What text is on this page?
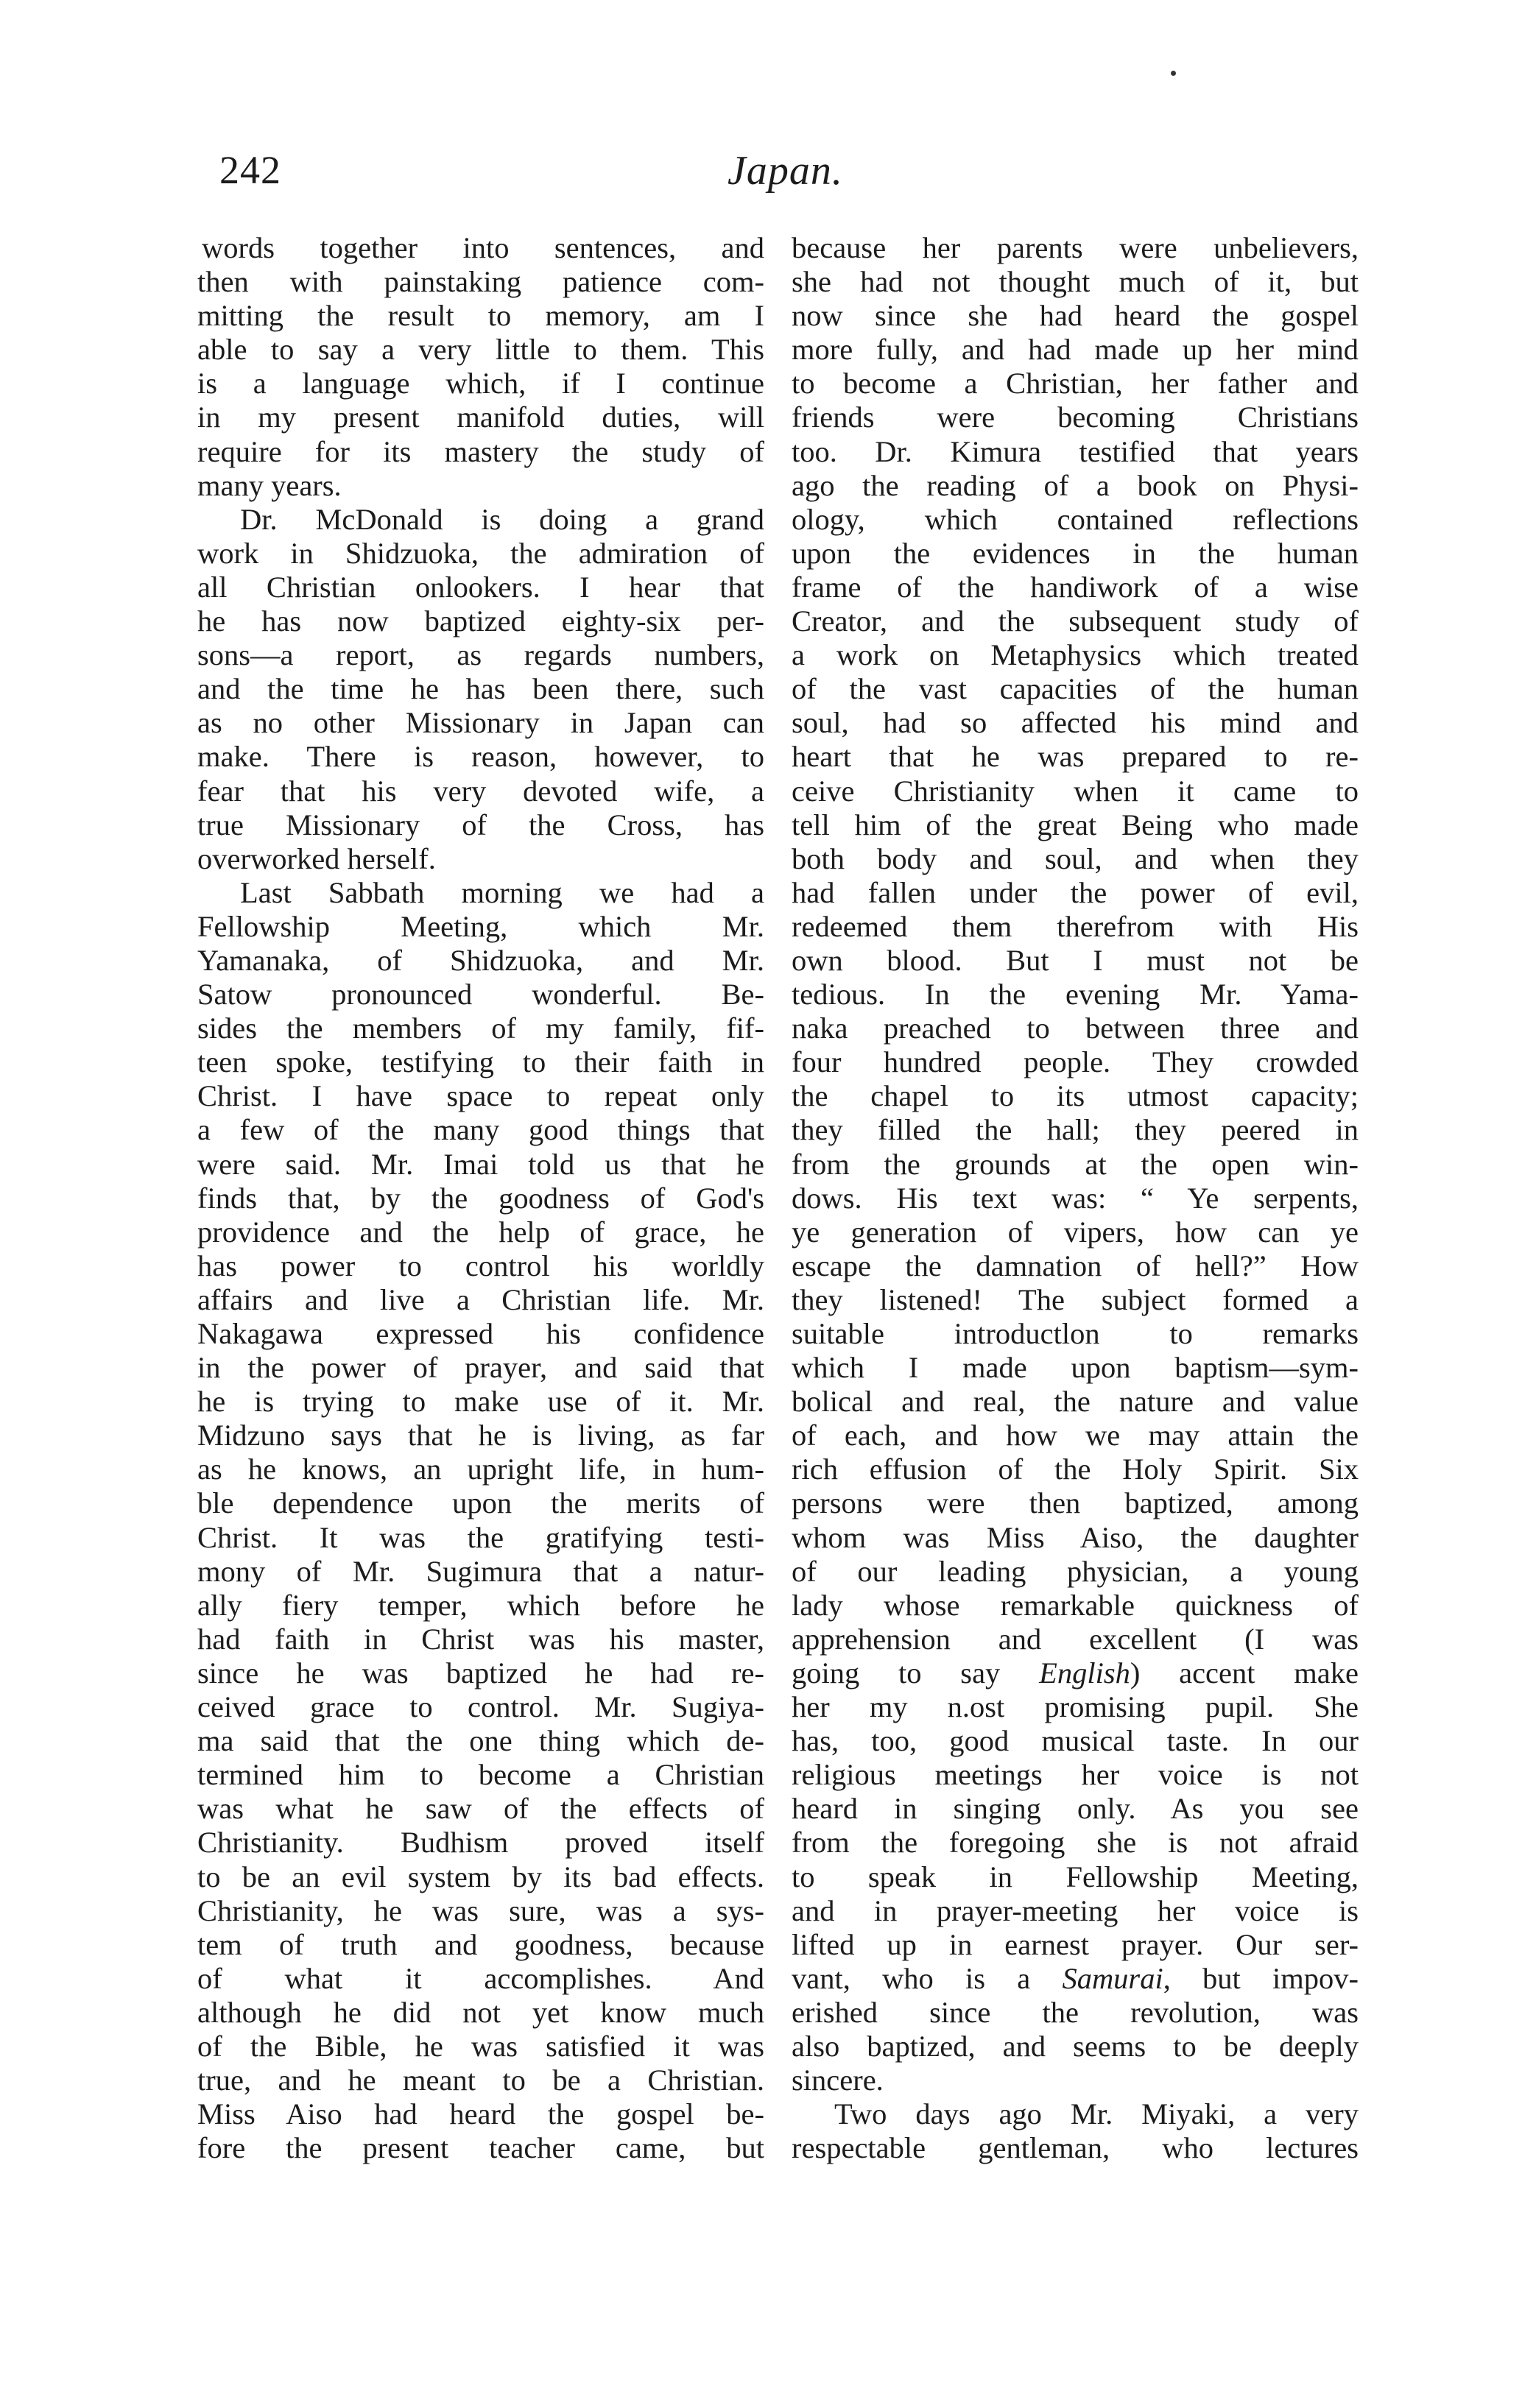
242	Japan.
words together into sentences, and
then with painstaking patience com-
mitting the result to memory, am I
able to say a very little to them. This
is a language which, if I continue
in my present manifold duties, will
require for its mastery the study of
many years.
Dr. McDonald is doing a grand
work in Shidzuoka, the admiration of
all Christian onlookers. I hear that
he has now baptized eighty-six per-
sons—a report, as regards numbers,
and the time he has been there, such
as no other Missionary in Japan can
make. There is reason, however, to
fear that his very devoted wife, a
true Missionary of the Cross, has
overworked herself.
Last Sabbath morning we had a
Fellowship Meeting, which Mr.
Yamanaka, of Shidzuoka, and Mr.
Satow pronounced wonderful. Be-
sides the members of my family, fif-
teen spoke, testifying to their faith in
Christ. I have space to repeat only
a few of the many good things that
were said. Mr. Imai told us that he
finds that, by the goodness of God's
providence and the help of grace, he
has power to control his worldly
affairs and live a Christian life. Mr.
Nakagawa expressed his confidence
in the power of prayer, and said that
he is trying to make use of it. Mr.
Midzuno says that he is living, as far
as he knows, an upright life, in hum-
ble dependence upon the merits of
Christ. It was the gratifying testi-
mony of Mr. Sugimura that a natur-
ally fiery temper, which before he
had faith in Christ was his master,
since he was baptized he had re-
ceived grace to control. Mr. Sugiya-
ma said that the one thing which de-
termined him to become a Christian
was what he saw of the effects of
Christianity. Budhism proved itself
to be an evil system by its bad effects.
Christianity, he was sure, was a sys-
tem of truth and goodness, because
of what it accomplishes. And
although he did not yet know much
of the Bible, he was satisfied it was
true, and he meant to be a Christian.
Miss Aiso had heard the gospel be-
fore the present teacher came, but
because her parents were unbelievers,
she had not thought much of it, but
now since she had heard the gospel
more fully, and had made up her mind
to become a Christian, her father and
friends were becoming Christians
too. Dr. Kimura testified that years
ago the reading of a book on Physi-
ology, which contained reflections
upon the evidences in the human
frame of the handiwork of a wise
Creator, and the subsequent study of
a work on Metaphysics which treated
of the vast capacities of the human
soul, had so affected his mind and
heart that he was prepared to re-
ceive Christianity when it came to
tell him of the great Being who made
both body and soul, and when they
had fallen under the power of evil,
redeemed them therefrom with His
own blood. But I must not be
tedious. In the evening Mr. Yama-
naka preached to between three and
four hundred people. They crowded
the chapel to its utmost capacity;
they filled the hall; they peered in
from the grounds at the open win-
dows. His text was: “ Ye serpents,
ye generation of vipers, how can ye
escape the damnation of hell?” How
they listened! The subject formed a
suitable introductlon to remarks
which I made upon baptism—sym-
bolical and real, the nature and value
of each, and how we may attain the
rich effusion of the Holy Spirit. Six
persons were then baptized, among
whom was Miss Aiso, the daughter
of our leading physician, a young
lady whose remarkable quickness of
apprehension and excellent (I was
going to say English) accent make
her my n.ost promising pupil. She
has, too, good musical taste. In our
religious meetings her voice is not
heard in singing only. As you see
from the foregoing she is not afraid
to speak in Fellowship Meeting,
and in prayer-meeting her voice is
lifted up in earnest prayer. Our ser-
vant, who is a Samurai, but impov-
erished since the revolution, was
also baptized, and seems to be deeply
sincere.
Two days ago Mr. Miyaki, a very
respectable gentleman, who lectures
